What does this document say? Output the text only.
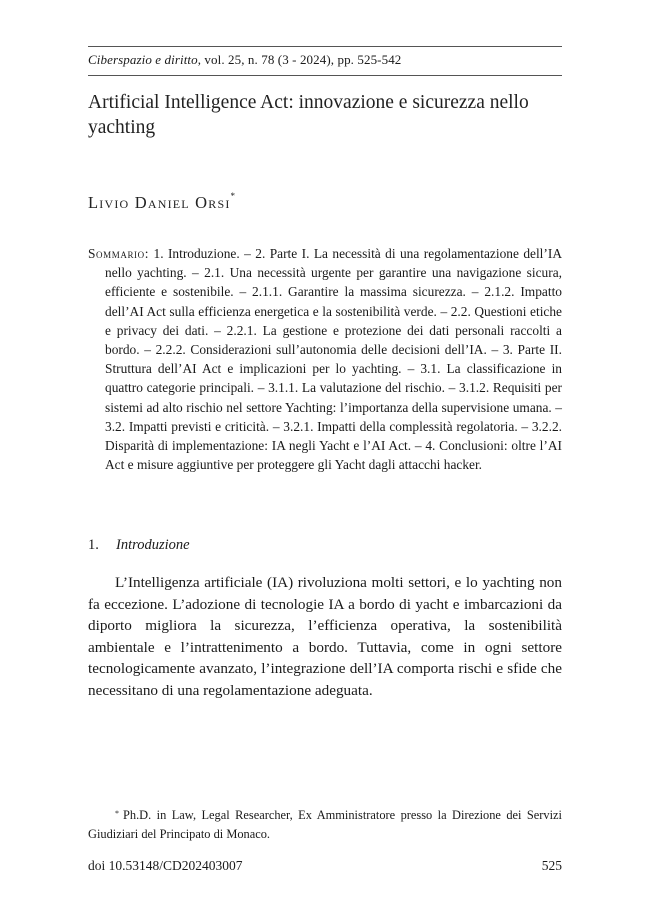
Ciberspazio e diritto, vol. 25, n. 78 (3 - 2024), pp. 525-542
Artificial Intelligence Act: innovazione e sicurezza nello yachting
Livio Daniel Orsi*
Sommario: 1. Introduzione. – 2. Parte I. La necessità di una regolamentazione dell’IA nello yachting. – 2.1. Una necessità urgente per garantire una navigazione sicura, efficiente e sostenibile. – 2.1.1. Garantire la massima sicurezza. – 2.1.2. Impatto dell’AI Act sulla efficienza energetica e la sostenibilità verde. – 2.2. Questioni etiche e privacy dei dati. – 2.2.1. La gestione e protezione dei dati personali raccolti a bordo. – 2.2.2. Considerazioni sull’autonomia delle decisioni dell’IA. – 3. Parte II. Struttura dell’AI Act e implicazioni per lo yachting. – 3.1. La classificazione in quattro categorie principali. – 3.1.1. La valutazione del rischio. – 3.1.2. Requisiti per sistemi ad alto rischio nel settore Yachting: l’importanza della supervisione umana. – 3.2. Impatti previsti e criticità. – 3.2.1. Impatti della complessità regolatoria. – 3.2.2. Disparità di implementazione: IA negli Yacht e l’AI Act. – 4. Conclusioni: oltre l’AI Act e misure aggiuntive per proteggere gli Yacht dagli attacchi hacker.
1. Introduzione
L’Intelligenza artificiale (IA) rivoluziona molti settori, e lo yachting non fa eccezione. L’adozione di tecnologie IA a bordo di yacht e imbarcazioni da diporto migliora la sicurezza, l’efficienza operativa, la sostenibilità ambientale e l’intrattenimento a bordo. Tuttavia, come in ogni settore tecnologicamente avanzato, l’integrazione dell’IA comporta rischi e sfide che necessitano di una regolamentazione adeguata.
* Ph.D. in Law, Legal Researcher, Ex Amministratore presso la Direzione dei Servizi Giudiziari del Principato di Monaco.
doi 10.53148/CD202403007	525
